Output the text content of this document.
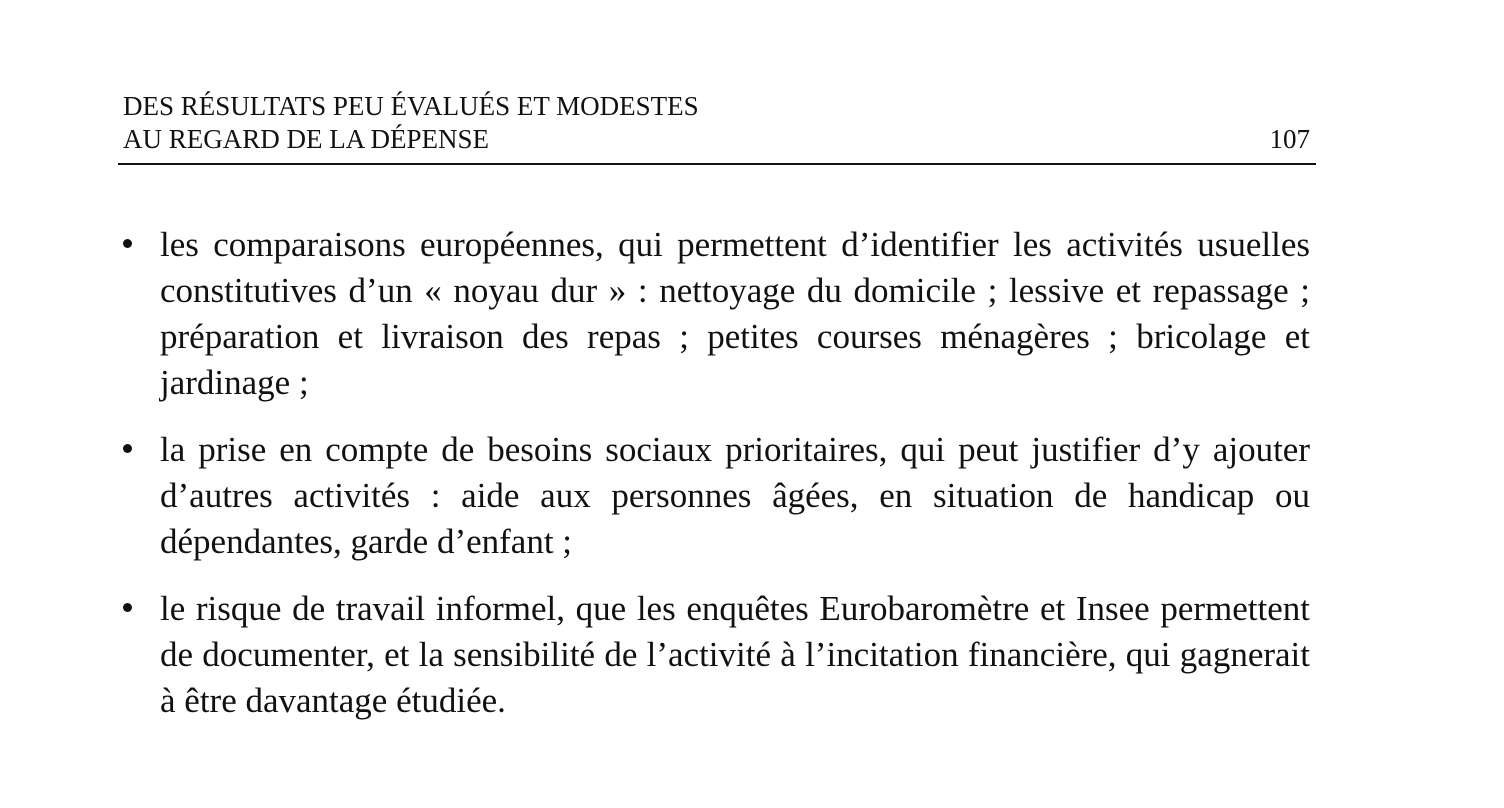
DES RÉSULTATS PEU ÉVALUÉS ET MODESTES
AU REGARD DE LA DÉPENSE	107
les comparaisons européennes, qui permettent d’identifier les activités usuelles constitutives d’un « noyau dur » : nettoyage du domicile ; lessive et repassage ; préparation et livraison des repas ; petites courses ménagères ; bricolage et jardinage ;
la prise en compte de besoins sociaux prioritaires, qui peut justifier d’y ajouter d’autres activités : aide aux personnes âgées, en situation de handicap ou dépendantes, garde d’enfant ;
le risque de travail informel, que les enquêtes Eurobaromètre et Insee permettent de documenter, et la sensibilité de l’activité à l’incitation financière, qui gagnerait à être davantage étudiée.
